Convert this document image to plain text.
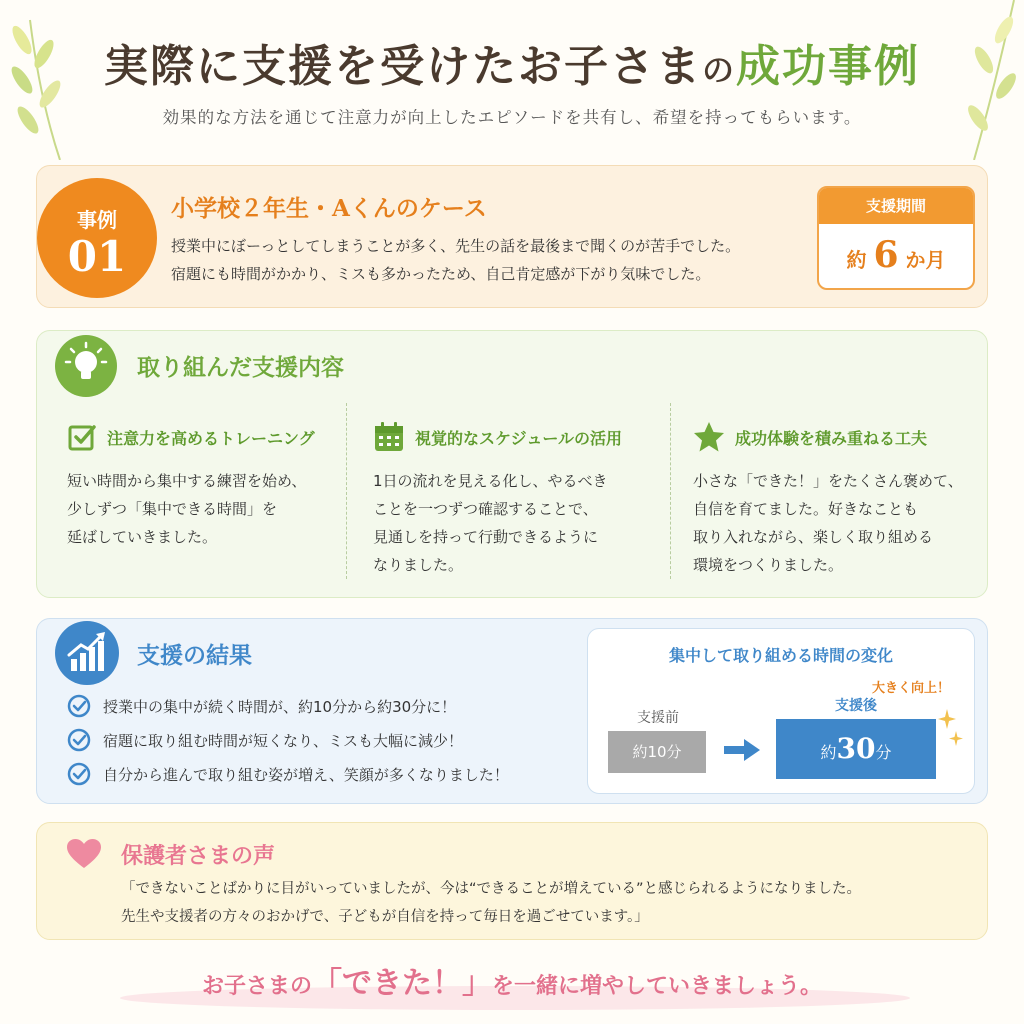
実際に支援を受けたお子さまの成功事例
効果的な方法を通じて注意力が向上したエピソードを共有し、希望を持ってもらいます。
事例
01
小学校２年生・Aくんのケース
授業中にぼーっとしてしまうことが多く、先生の話を最後まで聞くのが苦手でした。
宿題にも時間がかかり、ミスも多かったため、自己肯定感が下がり気味でした。
支援期間
約 6 か月
取り組んだ支援内容
注意力を高めるトレーニング
短い時間から集中する練習を始め、
少しずつ「集中できる時間」を
延ばしていきました。
視覚的なスケジュールの活用
1日の流れを見える化し、やるべき
ことを一つずつ確認することで、
見通しを持って行動できるように
なりました。
成功体験を積み重ねる工夫
小さな「できた！」をたくさん褒めて、
自信を育てました。好きなことも
取り入れながら、楽しく取り組める
環境をつくりました。
支援の結果
授業中の集中が続く時間が、約10分から約30分に！
宿題に取り組む時間が短くなり、ミスも大幅に減少！
自分から進んで取り組む姿が増え、笑顔が多くなりました！
集中して取り組める時間の変化
支援前
約10分
大きく向上！
支援後
約30分
保護者さまの声
「できないことばかりに目がいっていましたが、今は“できることが増えている”と感じられるようになりました。
先生や支援者の方々のおかげで、子どもが自信を持って毎日を過ごせています。」
お子さまの「できた！」を一緒に増やしていきましょう。
